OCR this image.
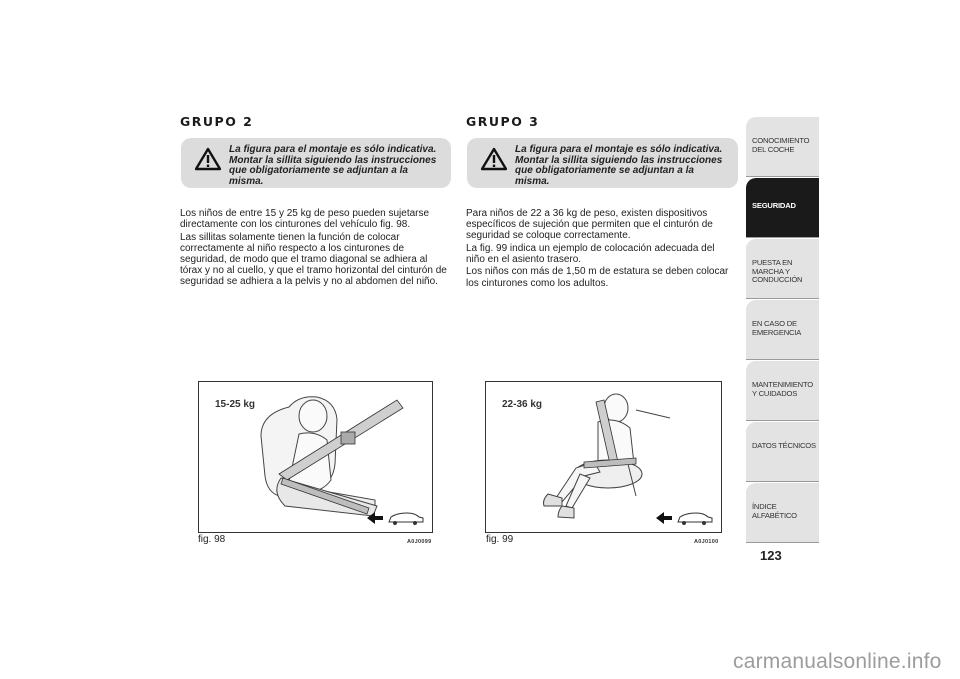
GRUPO 2
La figura para el montaje es sólo indicativa. Montar la sillita siguiendo las instrucciones que obligatoriamente se adjuntan a la misma.

Los niños de entre 15 y 25 kg de peso pueden sujetarse directamente con los cinturones del vehículo fig. 98.

Las sillitas solamente tienen la función de colocar correctamente al niño respecto a los cinturones de seguridad, de modo que el tramo diagonal se adhiera al tórax y no al cuello, y que el tramo horizontal del cinturón de seguridad se adhiera a la pelvis y no al abdomen del niño.

15-25 kg
fig. 98	A0J0099
GRUPO 3
La figura para el montaje es sólo indicativa. Montar la sillita siguiendo las instrucciones que obligatoriamente se adjuntan a la misma.

Para niños de 22 a 36 kg de peso, existen dispositivos específicos de sujeción que permiten que el cinturón de seguridad se coloque correctamente.

La fig. 99 indica un ejemplo de colocación adecuada del niño en el asiento trasero.

Los niños con más de 1,50 m de estatura se deben colocar los cinturones como los adultos.

22-36 kg
fig. 99	A0J0100
CONOCIMIENTO DEL COCHE
SEGURIDAD
PUESTA EN MARCHA Y CONDUCCIÓN
EN CASO DE EMERGENCIA
MANTENIMIENTO Y CUIDADOS
DATOS TÉCNICOS
ÍNDICE ALFABÉTICO
123
carmanualsonline.info
